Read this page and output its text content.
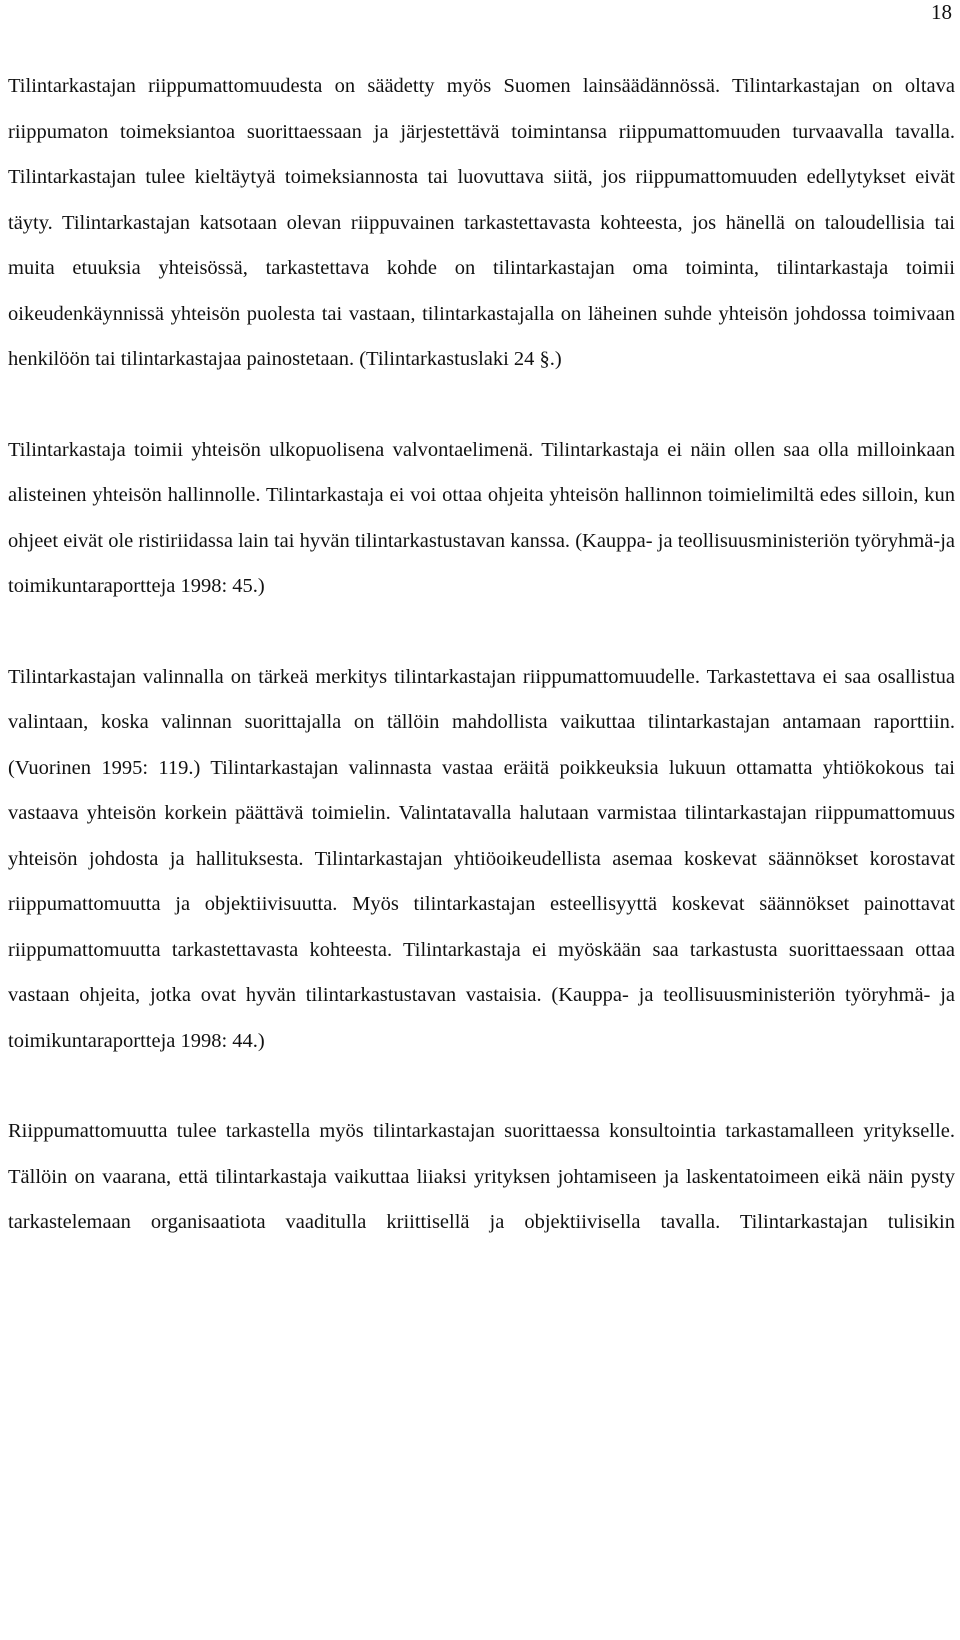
18

Tilintarkastajan riippumattomuudesta on säädetty myös Suomen lainsäädännössä. Tilintarkastajan on oltava riippumaton toimeksiantoa suorittaessaan ja järjestettävä toimintansa riippumattomuuden turvaavalla tavalla. Tilintarkastajan tulee kieltäytyä toimeksiannosta tai luovuttava siitä, jos riippumattomuuden edellytykset eivät täyty. Tilintarkastajan katsotaan olevan riippuvainen tarkastettavasta kohteesta, jos hänellä on taloudellisia tai muita etuuksia yhteisössä, tarkastettava kohde on tilintarkastajan oma toiminta, tilintarkastaja toimii oikeudenkäynnissä yhteisön puolesta tai vastaan, tilintarkastajalla on läheinen suhde yhteisön johdossa toimivaan henkilöön tai tilintarkastajaa painostetaan. (Tilintarkastuslaki 24 §.)

Tilintarkastaja toimii yhteisön ulkopuolisena valvontaelimenä. Tilintarkastaja ei näin ollen saa olla milloinkaan alisteinen yhteisön hallinnolle. Tilintarkastaja ei voi ottaa ohjeita yhteisön hallinnon toimielimiltä edes silloin, kun ohjeet eivät ole ristiriidassa lain tai hyvän tilintarkastustavan kanssa. (Kauppa- ja teollisuusministeriön työryhmä-ja toimikuntaraportteja 1998: 45.)

Tilintarkastajan valinnalla on tärkeä merkitys tilintarkastajan riippumattomuudelle. Tarkastettava ei saa osallistua valintaan, koska valinnan suorittajalla on tällöin mahdollista vaikuttaa tilintarkastajan antamaan raporttiin. (Vuorinen 1995: 119.) Tilintarkastajan valinnasta vastaa eräitä poikkeuksia lukuun ottamatta yhtiökokous tai vastaava yhteisön korkein päättävä toimielin. Valintatavalla halutaan varmistaa tilintarkastajan riippumattomuus yhteisön johdosta ja hallituksesta. Tilintarkastajan yhtiöoikeudellista asemaa koskevat säännökset korostavat riippumattomuutta ja objektiivisuutta. Myös tilintarkastajan esteellisyyttä koskevat säännökset painottavat riippumattomuutta tarkastettavasta kohteesta. Tilintarkastaja ei myöskään saa tarkastusta suorittaessaan ottaa vastaan ohjeita, jotka ovat hyvän tilintarkastustavan vastaisia. (Kauppa- ja teollisuusministeriön työryhmä- ja toimikuntaraportteja 1998: 44.)

Riippumattomuutta tulee tarkastella myös tilintarkastajan suorittaessa konsultointia tarkastamalleen yritykselle. Tällöin on vaarana, että tilintarkastaja vaikuttaa liiaksi yrityksen johtamiseen ja laskentatoimeen eikä näin pysty tarkastelemaan organisaatiota vaaditulla kriittisellä ja objektiivisella tavalla. Tilintarkastajan tulisikin
